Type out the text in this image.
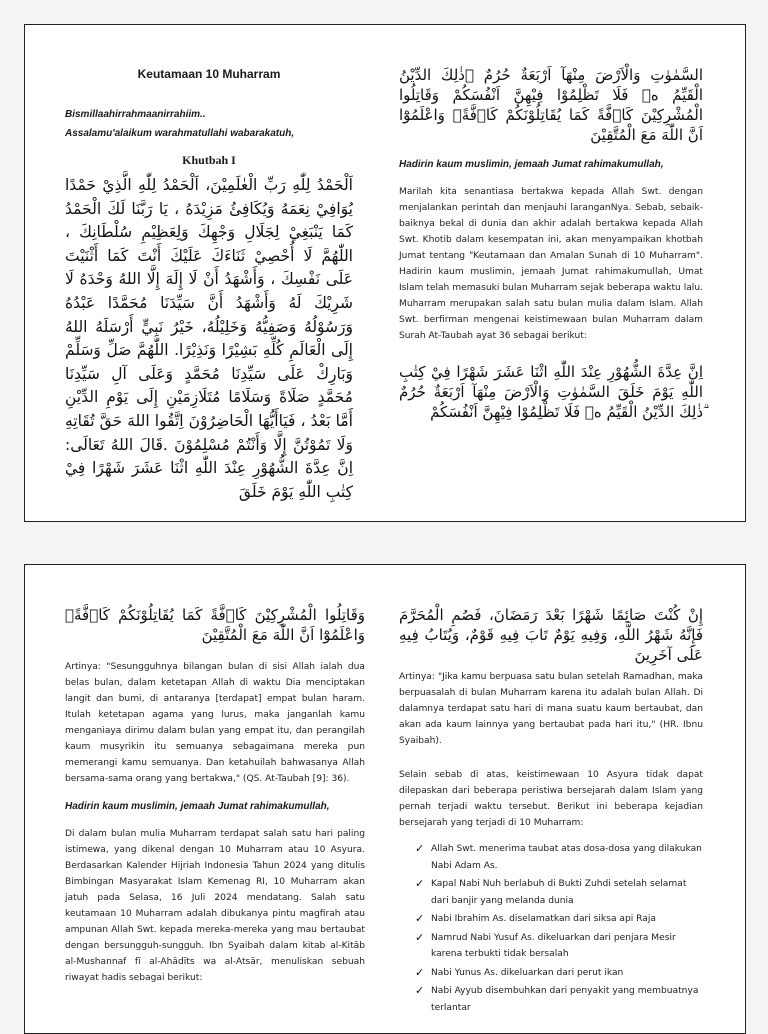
Keutamaan 10 Muharram

Bismillaahirrahmaanirrahiim..

Assalamu'alaikum warahmatullahi wabarakatuh,

Khutbah I

اَلْحَمْدُ لِلّٰهِ رَبِّ الْعٰلَمِيْنَ، اَلْحَمْدُ لِلّٰهِ الَّذِيْ حَمْدًا يُوَافِيْ نِعَمَهُ وَيُكَافِئُ مَزِيْدَهُ ، يَا رَبَّنَا لَكَ الْحَمْدُ كَمَا يَنْبَغِيْ لِجَلَالِ وَجْهِكَ وَلِعَظِيْمِ سُلْطَانِكَ ، اللّٰهُمَّ لَا أُحْصِيْ ثَنَاءَكَ عَلَيْكَ أَنْتَ كَمَا أَثْنَيْتَ عَلَى نَفْسِكَ ، وَأَشْهَدُ أَنْ لَا إِلَهَ إِلَّا اللهُ وَحْدَهُ لَا شَرِيْكَ لَهُ وَأَشْهَدُ أَنَّ سَيِّدَنَا مُحَمَّدًا عَبْدُهُ وَرَسُوْلُهُ وَصَفِيُّهُ وَخَلِيْلُهُ، خَيْرُ نَبِيٍّ أَرْسَلَهُ اللهُ إِلَى الْعَالَمِ كُلِّهِ بَشِيْرًا وَنَذِيْرًا. اللّٰهُمَّ صَلِّ وَسَلِّمْ وَبَارِكْ عَلَى سَيِّدِنَا مُحَمَّدٍ وَعَلَى آلِ سَيِّدِنَا مُحَمَّدٍ صَلَاةً وَسَلَامًا مُتَلَازِمَيْنِ إِلَى يَوْمِ الدِّيْنِ أَمَّا بَعْدُ ، فَيَاأَيُّهَا الْحَاضِرُوْنَ اِتَّقُوا اللهَ حَقَّ تُقَاتِهِ وَلَا تَمُوْتُنَّ إِلَّا وَأَنْتُمْ مُسْلِمُوْنَ .قَالَ اللهُ تَعَالَى: اِنَّ عِدَّةَ الشُّهُوْرِ عِنْدَ اللّٰهِ اثْنَا عَشَرَ شَهْرًا فِيْ كِتٰبِ اللّٰهِ يَوْمَ خَلَقَ

السَّمٰوٰتِ وَالْاَرْضَ مِنْهَآ اَرْبَعَةٌ حُرُمٌ ۗذٰلِكَ الدِّيْنُ الْقَيِّمُ ەۙ فَلَا تَظْلِمُوْا فِيْهِنَّ اَنْفُسَكُمْ وَقَاتِلُوا الْمُشْرِكِيْنَ كَاۤفَّةً كَمَا يُقَاتِلُوْنَكُمْ كَاۤفَّةًۗ وَاعْلَمُوْٓا اَنَّ اللّٰهَ مَعَ الْمُتَّقِيْنَ

Hadirin kaum muslimin, jemaah Jumat rahimakumullah,

Marilah kita senantiasa bertakwa kepada Allah Swt. dengan menjalankan perintah dan menjauhi laranganNya. Sebab, sebaik-baiknya bekal di dunia dan akhir adalah bertakwa kepada Allah Swt. Khotib dalam kesempatan ini, akan menyampaikan khotbah Jumat tentang "Keutamaan dan Amalan Sunah di 10 Muharram". Hadirin kaum muslimin, jemaah Jumat rahimakumullah, Umat Islam telah memasuki bulan Muharram sejak beberapa waktu lalu. Muharram merupakan salah satu bulan mulia dalam Islam. Allah Swt. berfirman mengenai keistimewaan bulan Muharram dalam Surah At-Taubah ayat 36 sebagai berikut:

اِنَّ عِدَّةَ الشُّهُوْرِ عِنْدَ اللّٰهِ اثْنَا عَشَرَ شَهْرًا فِيْ كِتٰبِ اللّٰهِ يَوْمَ خَلَقَ السَّمٰوٰتِ وَالْاَرْضَ مِنْهَآ اَرْبَعَةٌ حُرُمٌ ۗذٰلِكَ الدِّيْنُ الْقَيِّمُ ەۙ فَلَا تَظْلِمُوْا فِيْهِنَّ اَنْفُسَكُمْ

وَقَاتِلُوا الْمُشْرِكِيْنَ كَاۤفَّةً كَمَا يُقَاتِلُوْنَكُمْ كَاۤفَّةًۗ وَاعْلَمُوْٓا اَنَّ اللّٰهَ مَعَ الْمُتَّقِيْنَ

Artinya: "Sesungguhnya bilangan bulan di sisi Allah ialah dua belas bulan, dalam ketetapan Allah di waktu Dia menciptakan langit dan bumi, di antaranya [terdapat] empat bulan haram. Itulah ketetapan agama yang lurus, maka janganlah kamu menganiaya dirimu dalam bulan yang empat itu, dan perangilah kaum musyrikin itu semuanya sebagaimana mereka pun memerangi kamu semuanya. Dan ketahuilah bahwasanya Allah bersama-sama orang yang bertakwa," (QS. At-Taubah [9]: 36).

Hadirin kaum muslimin, jemaah Jumat rahimakumullah,

Di dalam bulan mulia Muharram terdapat salah satu hari paling istimewa, yang dikenal dengan 10 Muharram atau 10 Asyura. Berdasarkan Kalender Hijriah Indonesia Tahun 2024 yang ditulis Bimbingan Masyarakat Islam Kemenag RI, 10 Muharram akan jatuh pada Selasa, 16 Juli 2024 mendatang. Salah satu keutamaan 10 Muharram adalah dibukanya pintu magfirah atau ampunan Allah Swt. kepada mereka-mereka yang mau bertaubat dengan bersungguh-sungguh. Ibn Syaibah dalam kitab al-Kitāb al-Mushannaf fī al-Ahādīts wa al-Atsār, menuliskan sebuah riwayat hadis sebagai berikut:

إِنْ كُنْتَ صَائِمًا شَهْرًا بَعْدَ رَمَضَانَ، فَصُمِ الْمُحَرَّمَ فَإِنَّهُ شَهْرُ اللَّهِ، وَفِيهِ يَوْمٌ تَابَ فِيهِ قَوْمٌ، وَيُتَابُ فِيهِ عَلَى آخَرِينَ

Artinya: "Jika kamu berpuasa satu bulan setelah Ramadhan, maka berpuasalah di bulan Muharram karena itu adalah bulan Allah. Di dalamnya terdapat satu hari di mana suatu kaum bertaubat, dan akan ada kaum lainnya yang bertaubat pada hari itu," (HR. Ibnu Syaibah).

Selain sebab di atas, keistimewaan 10 Asyura tidak dapat dilepaskan dari beberapa peristiwa bersejarah dalam Islam yang pernah terjadi waktu tersebut. Berikut ini beberapa kejadian bersejarah yang terjadi di 10 Muharram:

✓ Allah Swt. menerima taubat atas dosa-dosa yang dilakukan Nabi Adam As.
✓ Kapal Nabi Nuh berlabuh di Bukti Zuhdi setelah selamat dari banjir yang melanda dunia
✓ Nabi Ibrahim As. diselamatkan dari siksa api Raja
✓ Namrud Nabi Yusuf As. dikeluarkan dari penjara Mesir karena terbukti tidak bersalah
✓ Nabi Yunus As. dikeluarkan dari perut ikan
✓ Nabi Ayyub disembuhkan dari penyakit yang membuatnya terlantar
